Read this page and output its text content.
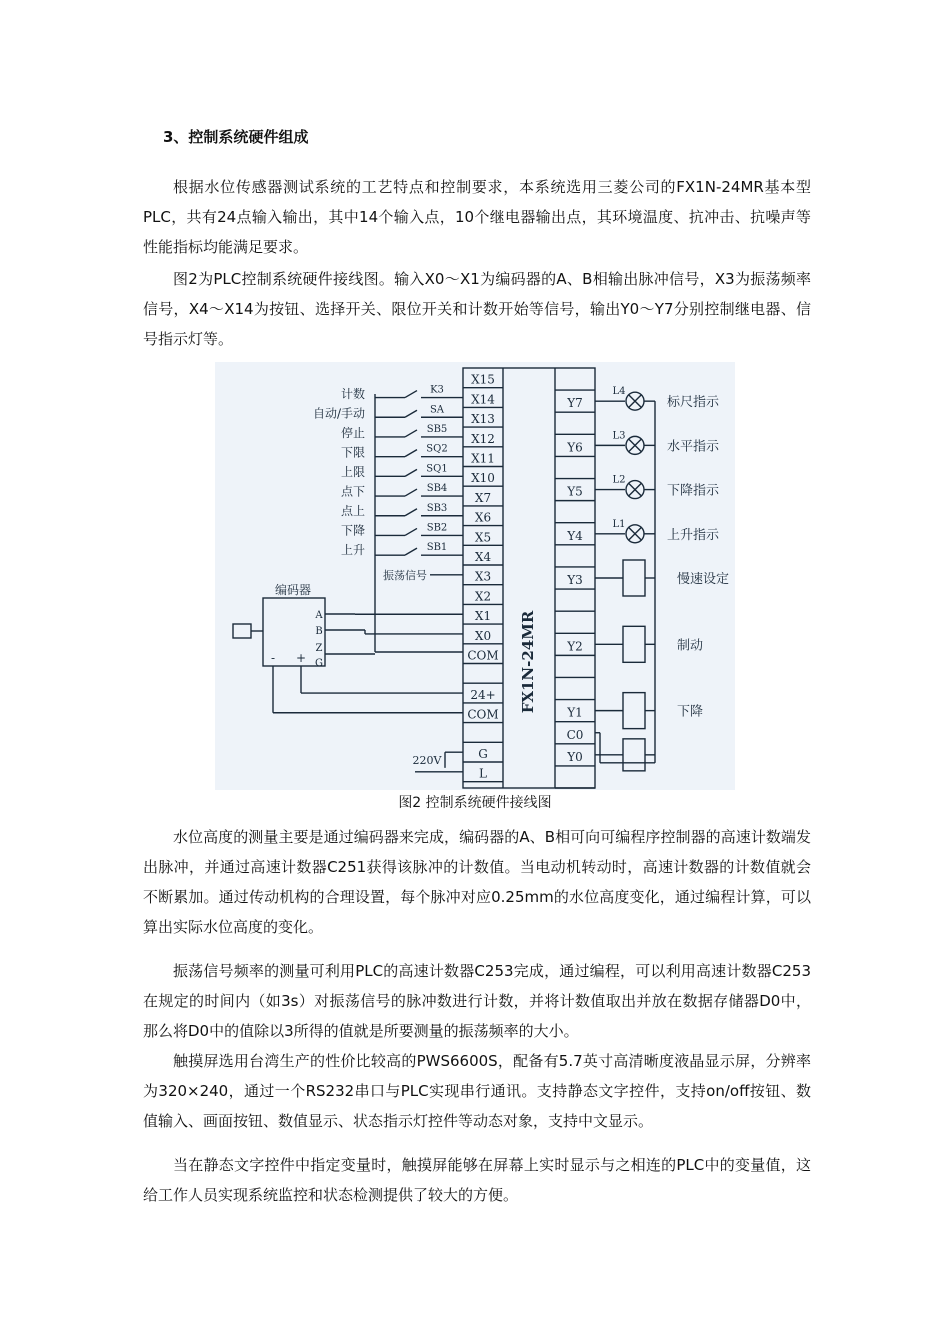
3、控制系统硬件组成

根据水位传感器测试系统的工艺特点和控制要求，本系统选用三菱公司的FX1N-24MR基本型PLC，共有24点输入输出，其中14个输入点，10个继电器输出点，其环境温度、抗冲击、抗噪声等性能指标均能满足要求。

图2为PLC控制系统硬件接线图。输入X0～X1为编码器的A、B相输出脉冲信号，X3为振荡频率信号，X4～X14为按钮、选择开关、限位开关和计数开始等信号，输出Y0～Y7分别控制继电器、信号指示灯等。

FX1N-24MR
X15
X14
X13
X12
X11
X10
X7
X6
X5
X4
X3
X2
X1
X0
COM
24+
COM
G
L
Y7
Y6
Y5
Y4
Y3
Y2
Y1
C0
Y0
K3
SA
SB5
SQ2
SQ1
SB4
SB3
SB2
SB1
计数
自动/手动
停止
下限
上限
点下
点上
下降
上升
振荡信号
编码器
A
B
Z
G
- +
220V
L4
标尺指示
L3
水平指示
L2
下降指示
L1
上升指示
慢速设定
制动
下降

图2 控制系统硬件接线图

水位高度的测量主要是通过编码器来完成，编码器的A、B相可向可编程序控制器的高速计数端发出脉冲，并通过高速计数器C251获得该脉冲的计数值。当电动机转动时，高速计数器的计数值就会不断累加。通过传动机构的合理设置，每个脉冲对应0.25mm的水位高度变化，通过编程计算，可以算出实际水位高度的变化。

振荡信号频率的测量可利用PLC的高速计数器C253完成，通过编程，可以利用高速计数器C253在规定的时间内（如3s）对振荡信号的脉冲数进行计数，并将计数值取出并放在数据存储器D0中，那么将D0中的值除以3所得的值就是所要测量的振荡频率的大小。

触摸屏选用台湾生产的性价比较高的PWS6600S，配备有5.7英寸高清晰度液晶显示屏，分辨率为320×240，通过一个RS232串口与PLC实现串行通讯。支持静态文字控件，支持on/off按钮、数值输入、画面按钮、数值显示、状态指示灯控件等动态对象，支持中文显示。

当在静态文字控件中指定变量时，触摸屏能够在屏幕上实时显示与之相连的PLC中的变量值，这给工作人员实现系统监控和状态检测提供了较大的方便。
